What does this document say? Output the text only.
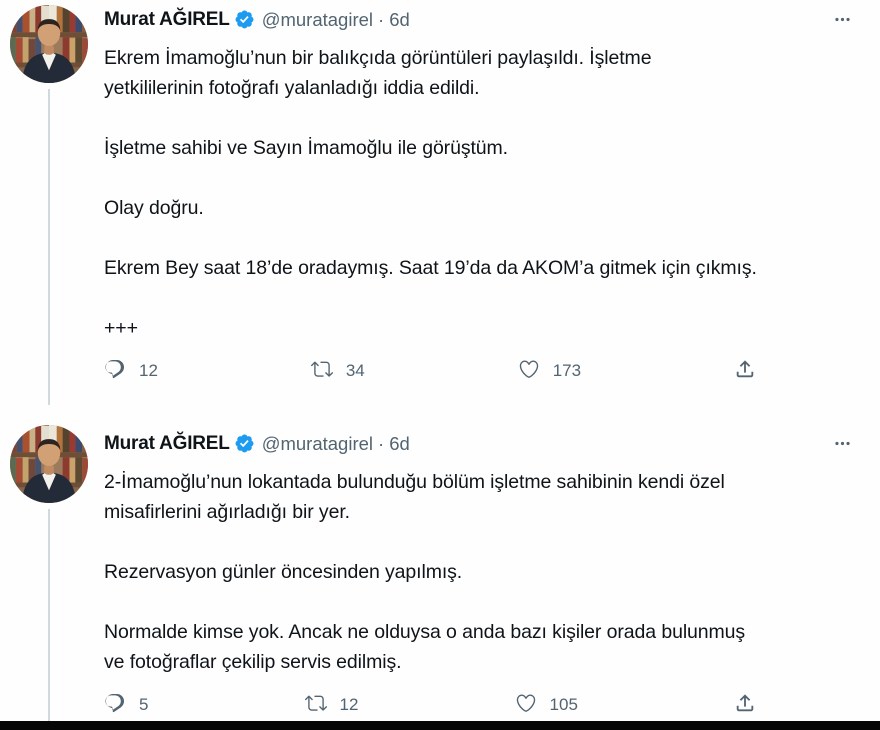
Murat AĞIREL @muratagirel · 6d

Ekrem İmamoğlu’nun bir balıkçıda görüntüleri paylaşıldı. İşletme
yetkililerinin fotoğrafı yalanladığı iddia edildi.

İşletme sahibi ve Sayın İmamoğlu ile görüştüm.

Olay doğru.

Ekrem Bey saat 18’de oradaymış. Saat 19’da da AKOM’a gitmek için çıkmış.

+++

12	34	173
Murat AĞIREL @muratagirel · 6d

2-İmamoğlu’nun lokantada bulunduğu bölüm işletme sahibinin kendi özel
misafirlerini ağırladığı bir yer.

Rezervasyon günler öncesinden yapılmış.

Normalde kimse yok. Ancak ne olduysa o anda bazı kişiler orada bulunmuş
ve fotoğraflar çekilip servis edilmiş.

5	12	105
